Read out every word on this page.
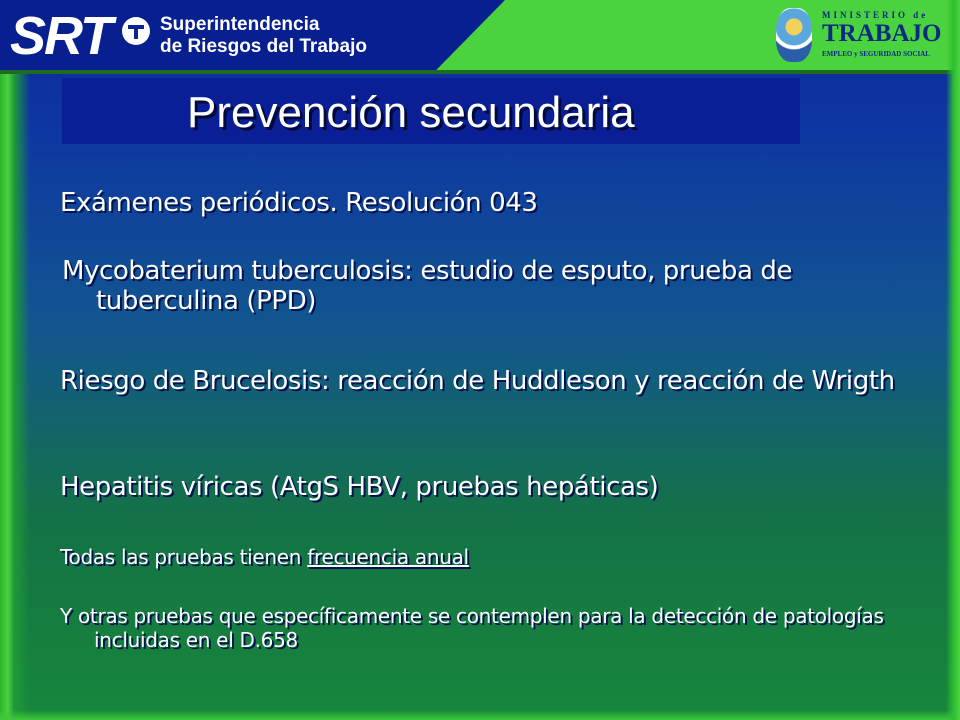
SRT	Superintendencia
de Riesgos del Trabajo
MINISTERIO de
TRABAJO
EMPLEO y SEGURIDAD SOCIAL
Prevención secundaria

Exámenes periódicos. Resolución 043

Mycobaterium tuberculosis: estudio de esputo, prueba de tuberculina (PPD)

Riesgo de Brucelosis: reacción de Huddleson y reacción de Wrigth

Hepatitis víricas (AtgS HBV, pruebas hepáticas)

Todas las pruebas tienen frecuencia anual

Y otras pruebas que específicamente se contemplen para la detección de patologías incluidas en el D.658
